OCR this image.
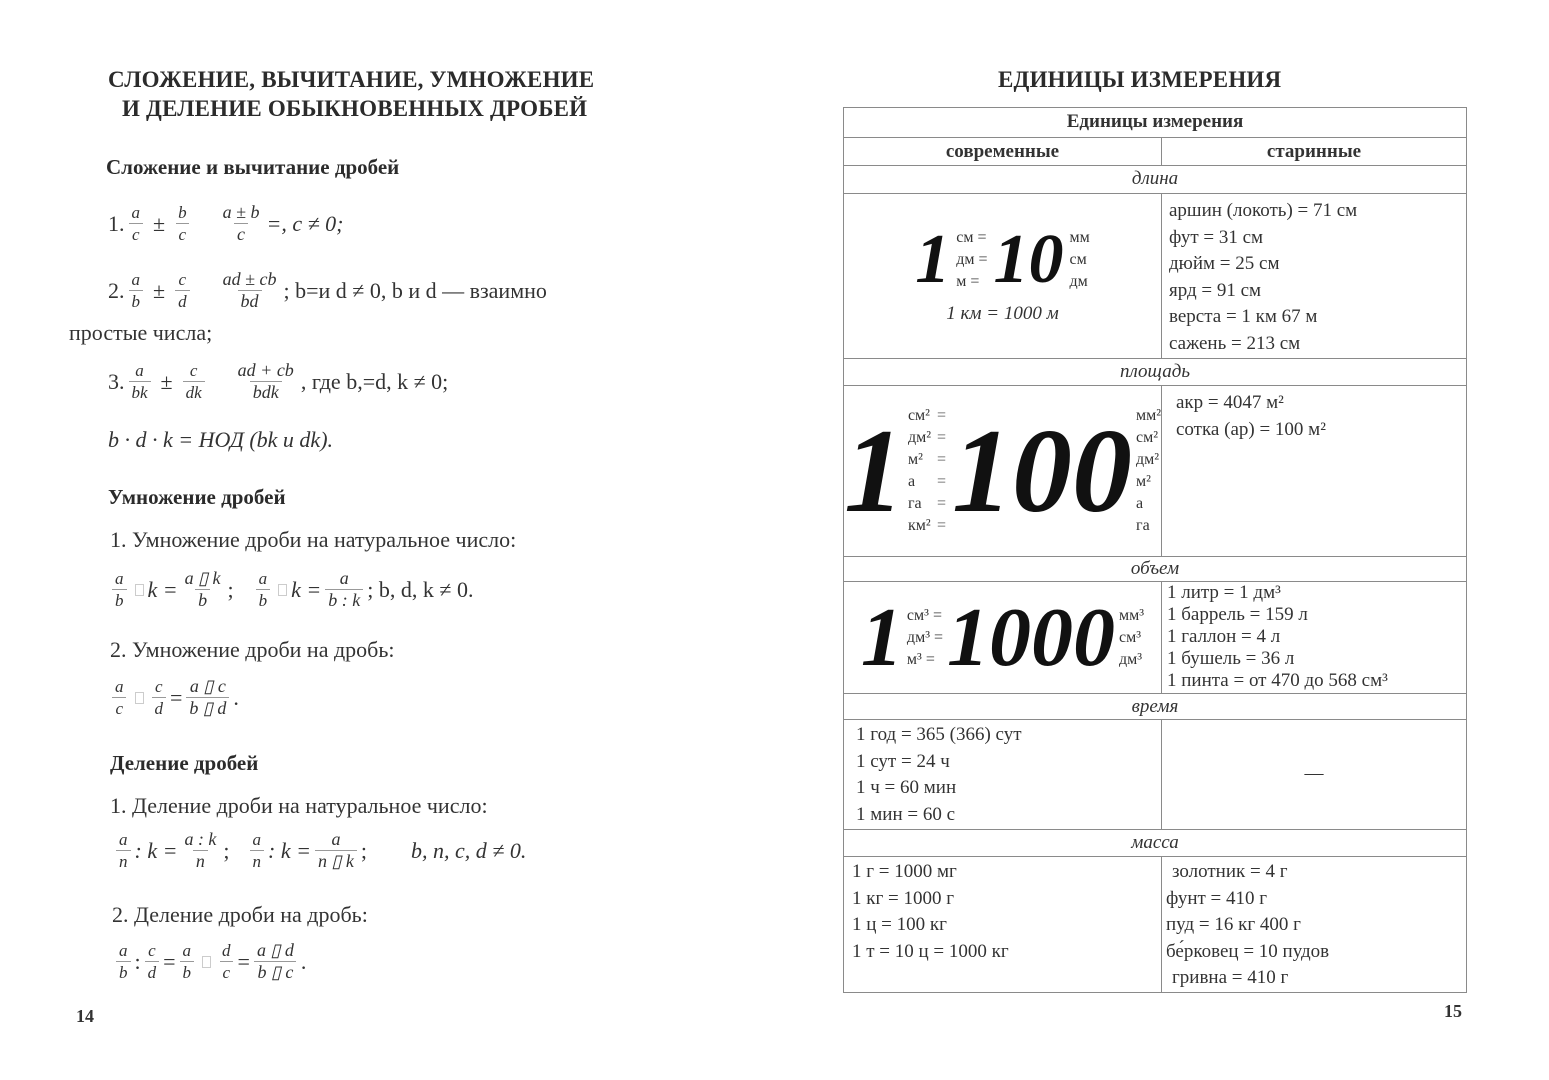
СЛОЖЕНИЕ, ВЫЧИТАНИЕ, УМНОЖЕНИЕ
И ДЕЛЕНИЕ ОБЫКНОВЕННЫХ ДРОБЕЙ
Сложение и вычитание дробей
1. $\frac{a}{c} \pm \frac{b}{c} \frac{a \pm b}{c}$ =, c ≠ 0;
2. $\frac{a}{b} \pm \frac{c}{d} \frac{ad \pm cb}{bd}$ ; b=и d ≠ 0, b и d — взаимно
простые числа;
3. $\frac{a}{bk} \pm \frac{c}{dk} \frac{ad + cb}{\text{bdk}}$ , где b,=d, k ≠ 0;
b · d · k = НОД (bk и dk).
Умножение дробей
1. Умножение дроби на натуральное число:
$\frac{a}{b}$ $k = \frac{a ▯ k}{b}$ ; $\frac{a}{b}$ $k = \frac{a}{b : k}$ ; b, d, k ≠ 0.
2. Умножение дроби на дробь:
$\frac{a}{c} \frac{c}{d} = \frac{a ▯ c}{b ▯ d}$ .
Деление дробей
1. Деление дроби на натуральное число:
$\frac{a}{n}$ : $k = \frac{a : k}{n}$ ; $\frac{a}{n}$ : $k = \frac{a}{n ▯ k}$ ; b, n, c, d ≠ 0.
2. Деление дроби на дробь:
$\frac{a}{b}$ : $\frac{c}{d} = \frac{a}{b} \frac{d}{c} = \frac{a ▯ d}{b ▯ c}$ .
14
ЕДИНИЦЫ ИЗМЕРЕНИЯ
Единицы измерения
современные	старинные
длина
1 см =
дм =
м = 10 мм
см
дм
1 км = 1000 м
аршин (локоть) = 71 см
фут = 31 см
дюйм = 25 см
ярд = 91 см
верста = 1 км 67 м
сажень = 213 см
площадь
1 см²
дм²
м²
а
га
км²
=
=
=
=
=
= 100 мм²
см²
дм²
м²
а
га
акр = 4047 м²
сотка (ар) = 100 м²
объем
1 см³ =
дм³ =
м³ = 1000 мм³
см³
дм³
1 литр = 1 дм³
1 баррель = 159 л
1 галлон = 4 л
1 бушель = 36 л
1 пинта = от 470 до 568 см³
время
1 год = 365 (366) сут
1 сут = 24 ч
1 ч = 60 мин
1 мин = 60 с
—
масса
1 г = 1000 мг
1 кг = 1000 г
1 ц = 100 кг
1 т = 10 ц = 1000 кг
золотник = 4 г
фунт = 410 г
пуд = 16 кг 400 г
бе́рковец = 10 пудов
гривна = 410 г
15
